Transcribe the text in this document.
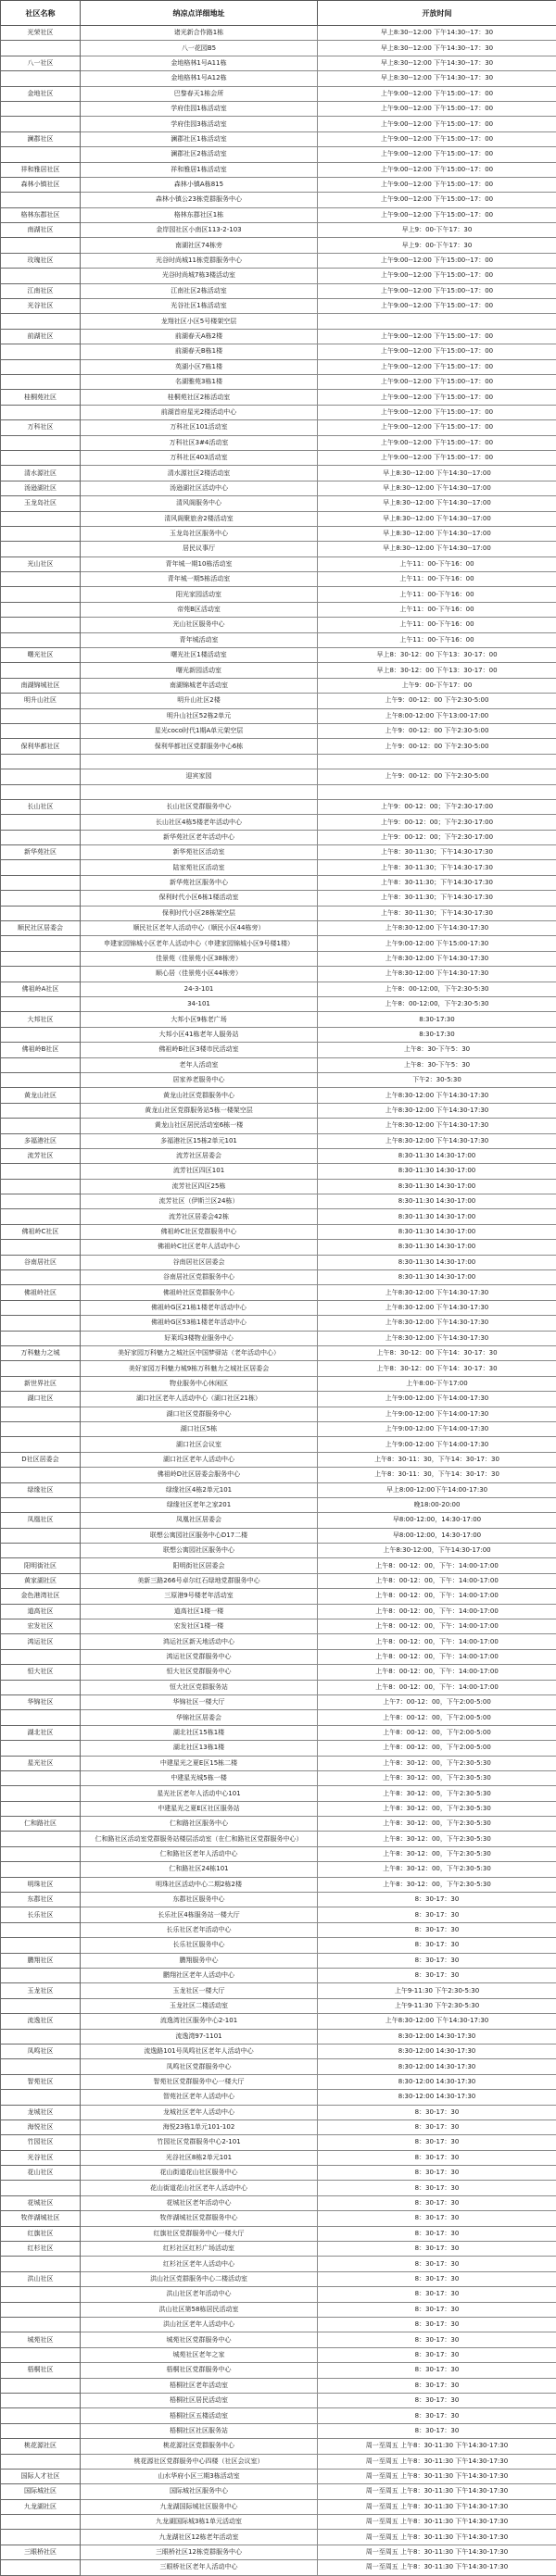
社区名称	纳凉点详细地址	开放时间
光荣社区	诸光新合作路1栋	早上8:30--12:00 下午14:30--17：30
	八一花园B5	早上8:30--12:00 下午14:30--17：30
八一社区	金地格林1号A11栋	早上8:30--12:00 下午14:30--17：30
	金地格林1号A12栋	早上8:30--12:00 下午14:30--17：30
金地社区	巴黎春天1栋会所	上午9:00--12:00 下午15:00--17：00
	学府佳园1栋活动室	上午9:00--12:00 下午15:00--17：00
	学府佳园3栋活动室	上午9:00--12:00 下午15:00--17：00
澜郡社区	澜郡社区1栋活动室	上午9:00--12:00 下午15:00--17：00
	澜郡社区2栋活动室	上午9:00--12:00 下午15:00--17：00
祥和雅居社区	祥和雅居1栋活动室	上午9:00--12:00 下午15:00--17：00
森林小镇社区	森林小镇A栋815	上午9:00--12:00 下午15:00--17：00
	森林小镇公23栋党群服务中心	上午9:00--12:00 下午15:00--17：00
格林东郡社区	格林东郡社区1栋	上午9:00--12:00 下午15:00--17：00
南湖社区	金岸园社区小南区113-2-103	早上9：00-下午17：30
	南湖社区74栋旁	早上9：00-下午17：30
玫瑰社区	光谷时尚城11栋党群服务中心	上午9:00--12:00 下午15:00--17：00
	光谷时尚城7栋3楼活动室	上午9:00--12:00 下午15:00--17：00
江南社区	江南社区2栋活动室	上午9:00--12:00 下午15:00--17：00
光谷社区	光谷社区1栋活动室	上午9:00--12:00 下午15:00--17：00
	龙翔社区小区5号楼架空层	
前湖社区	前湖春天A栋2楼	上午9:00--12:00 下午15:00--17：00
	前湖春天B栋1楼	上午9:00--12:00 下午15:00--17：00
	英湖小区7栋1楼	上午9:00--12:00 下午15:00--17：00
	名湖雅苑3栋1楼	上午9:00--12:00 下午15:00--17：00
桂桐苑社区	桂桐苑社区2栋活动室	上午9:00--12:00 下午15:00--17：00
	前湖首府星光2楼活动中心	上午9:00--12:00 下午15:00--17：00
万科社区	万科社区101活动室	上午9:00--12:00 下午15:00--17：00
	万科社区3#4活动室	上午9:00--12:00 下午15:00--17：00
	万科社区403活动室	上午9:00--12:00 下午15:00--17：00
清水源社区	清水源社区2楼活动室	早上8:30--12:00 下午14:30--17:00
汤逊湖社区	汤逊湖社区活动中心	早上8:30--12:00 下午14:30--17:00
玉龙岛社区	清风阁服务中心	早上8:30--12:00 下午14:30--17:00
	清风阁聚旅舍2楼活动室	早上8:30--12:00 下午14:30--17:00
	玉龙岛社区服务中心	早上8:30--12:00 下午14:30--17:00
	居民议事厅	早上8:30--12:00 下午14:30--17:00
光山社区	青年城一期10栋活动室	上午11：00-下午16：00
	青年城一期5栋活动室	上午11：00-下午16：00
	阳光家园活动室	上午11：00-下午16：00
	帝苑B区活动室	上午11：00-下午16：00
	光山社区服务中心	上午11：00-下午16：00
	青年城活动室	上午11：00-下午16：00
曙光社区	曙光社区1楼活动室	早上8：30-12：00 下午13：30-17：00
	曙光新园活动室	早上8：30-12：00 下午13：30-17：00
南湖锦城社区	南湖锦城老年活动室	上午9：00-下午17：00
明升山社区	明升山社区2楼	上午9：00-12：00 下午2:30-5:00
	明升山社区52栋2单元	上午8:00-12:00 下午13:00-17:00
	星光coco时代1期A单元架空层	上午9：00-12：00 下午2:30-5:00
保利华都社区	保利华都社区党群服务中心6栋	上午9：00-12：00 下午2:30-5:00

	迎宾家园	上午9：00-12：00 下午2:30-5:00

长山社区	长山社区党群服务中心	上午9：00-12：00；下午2:30-17:00
	长山社区4栋5楼老年活动中心	上午9：00-12：00；下午2:30-17:00
	新华苑社区老年活动中心	上午9：00-12：00；下午2:30-17:00
新华苑社区	新华苑社区活动室	上午8：30-11:30；下午14:30-17:30
	陆家苑社区活动室	上午8：30-11:30；下午14:30-17:30
	新华苑社区服务中心	上午8：30-11:30；下午14:30-17:30
	保利时代小区6栋1楼活动室	上午8：30-11:30；下午14:30-17:30
	保利时代小区28栋架空层	上午8：30-11:30；下午14:30-17:30
顺民社区居委会	顺民社区老年人活动中心（顺民小区44栋旁）	上午8:30-12:00 下午14:30-17:30
	申建家园锦城小区老年人活动中心（申建家园锦城小区9号楼1楼）	上午9:00-12:00 下午15:00-17:30
	佳景苑（佳景苑小区38栋旁）	上午8:30-12:00 下午14:30-17:30
	顺心居（佳景苑小区44栋旁）	上午8:30-12:00 下午14:30-17:30
佛祖岭A社区	24-3-101	上午8：00-12:00，下午2:30-5:30
	34-101	上午8：00-12:00，下午2:30-5:30
大邦社区	大邦小区9栋老广场	8:30-17:30
	大邦小区41栋老年人服务站	8:30-17:30
佛祖岭B社区	佛祖岭B社区3楼市民活动室	上午8：30-下午5：30
	老年人活动室	上午8：30-下午5：30
	居家养老服务中心	下午2：30-5:30
黄龙山社区	黄龙山社区党群服务中心	上午8:30-12:00 下午14:30-17:30
	黄龙山社区党群服务站5栋一楼架空层	上午8:30-12:00 下午14:30-17:30
	黄龙山社区居民活动室6栋一楼	上午8:30-12:00 下午14:30-17:30
多福港社区	多福港社区15栋2单元101	上午8:30-12:00 下午14:30-17:30
流芳社区	流芳社区居委会	8:30-11:30 14:30-17:00
	流芳社区四区101	8:30-11:30 14:30-17:00
	流芳社区四区25栋	8:30-11:30 14:30-17:00
	流芳社区（伊斯兰区24栋）	8:30-11:30 14:30-17:00
	流芳社区居委会42栋	8:30-11:30 14:30-17:00
佛祖岭C社区	佛祖岭C社区党群服务中心	8:30-11:30 14:30-17:00
	佛祖岭C社区老年人活动中心	8:30-11:30 14:30-17:00
谷南居社区	谷南居社区居委会	8:30-11:30 14:30-17:00
	谷南居社区党群服务中心	8:30-11:30 14:30-17:00
佛祖岭社区	佛祖岭社区党群服务中心	上午8:30-12:00 下午14:30-17:30
	佛祖岭G区21栋1楼老年活动中心	上午8:30-12:00 下午14:30-17:30
	佛祖岭G区53栋1楼老年活动中心	上午8:30-12:00 下午14:30-17:30
	好莱坞3楼物业服务中心	上午8:30-12:00 下午14:30-17:30
万科魅力之城	美好家园万科魅力之城社区中国梦驿站（老年活动中心）	上午8：30-12：00 下午14：30-17：30
	美好家园万科魅力城9栋万科魅力之城社区居委会	上午8：30-12：00 下午14：30-17：30
新世界社区	物业服务中心休闲区	上午8:00-下午17:00
湖口社区	湖口社区老年人活动中心（湖口社区21栋）	上午9:00-12:00 下午14:00-17:30
	湖口社区党群服务中心	上午9:00-12:00 下午14:00-17:30
	湖口社区5栋	上午9:00-12:00 下午14:00-17:30
	湖口社区会议室	上午9:00-12:00 下午14:00-17:30
D社区居委会	湖口社区老年人活动中心	上午8：30-11：30，下午14：30-17：30
	佛祖岭D社区居委会服务中心	上午8：30-11：30，下午14：30-17：30
绿缘社区	绿缘社区4栋2单元101	早上8:00-12:00下午14:00-17:30
	绿缘社区老年之家201	晚18:00-20:00
凤凰社区	凤凰社区居委会	早8:00-12:00，14:30-17:00
	联想公寓园社区服务中心D17二楼	早8:00-12:00，14:30-17:00
	联想公寓园社区服务中心	上午8:30-12:00，下午14:30-17:00
阳明街社区	阳明街社区居委会	上午8：00-12：00，下午：14:00-17:00
黄家湖社区	美新三路266号卓尔红石绿地党群服务中心	上午8：00-12：00，下午：14:00-17:00
金色港湾社区	三原港9号楼老年活动室	上午8：00-12：00，下午：14:00-17:00
道高社区	道高社区1楼一楼	上午8：00-12：00，下午：14:00-17:00
宏发社区	宏发社区1楼一楼	上午8：00-12：00，下午：14:00-17:00
鸿运社区	鸿运社区新天地活动中心	上午8：00-12：00，下午：14:00-17:00
	鸿运社区党群服务中心	上午8：00-12：00，下午：14:00-17:00
恒大社区	恒大社区党群服务中心	上午8：00-12：00，下午：14:00-17:00
	恒大社区党群服务站	上午8：00-12：00，下午：14:00-17:00
华锦社区	华锦社区一楼大厅	上午7：00-12：00，下午2:00-5:00
	华锦社区居委会	上午8：00-12：00，下午2:00-5:00
湖北社区	湖北社区15栋1楼	上午8：00-12：00，下午2:00-5:00
	湖北社区13栋1楼	上午8：00-12：00，下午2:00-5:00
星光社区	中建星光之夏E区15栋二楼	上午8：30-12：00，下午2:30-5:30
	中建星光城5栋一楼	上午8：30-12：00，下午2:30-5:30
	星光社区老年人活动中心101	上午8：30-12：00，下午2:30-5:30
	中建星光之夏E区社区服务站	上午8：30-12：00，下午2:30-5:30
仁和路社区	仁和路社区服务中心	上午8：30-12：00，下午2:30-5:30
	仁和路社区活动室党群服务站楼层活动室（在仁和路社区党群服务中心）	上午8：30-12：00，下午2:30-5:30
	仁和路社区老年人活动中心	上午8：30-12：00，下午2:30-5:30
	仁和路社区24栋101	上午8：30-12：00，下午2:30-5:30
明珠社区	明珠社区活动中心二期2栋2楼	上午8：30-12：00，下午2:30-5:30
东郡社区	东郡社区服务中心	8：30-17：30
长乐社区	长乐社区4栋服务站一楼大厅	8：30-17：30
	长乐社区老年活动中心	8：30-17：30
	长乐社区服务中心	8：30-17：30
鹏翔社区	鹏翔服务中心	8：30-17：30
	鹏翔社区老年人活动中心	8：30-17：30
玉龙社区	玉龙社区一楼大厅	上午9-11:30 下午2:30-5:30
	玉龙社区二楼活动室	上午9-11:30 下午2:30-5:30
流逸社区	流逸湾社区服务中心2-101	上午8:30-12:00 下午14:30-17:30
	流逸湾97-1101	8:30-12:00 14:30-17:30
凤鸣社区	流逸路101号凤鸣社区老年人活动中心	8:30-12:00 14:30-17:30
	凤鸣社区党群服务中心	8:30-12:00 14:30-17:30
智苑社区	智苑社区党群服务中心一楼大厅	8:30-12:00 14:30-17:30
	智苑社区老年人活动中心	8:30-12:00 14:30-17:30
龙城社区	龙城社区老年人活动中心	8：30-17：30
海悦社区	海悦23栋1单元101-102	8：30-17：30
竹园社区	竹园社区党群服务中心2-101	8：30-17：30
光谷社区	光谷社区8栋2单元101	8：30-17：30
花山社区	花山街道花山社区服务中心	8：30-17：30
	花山街道花山社区老年人活动中心	8：30-17：30
花城社区	花城社区老年活动中心	8：30-17：30
牧伴湖城社区	牧伴湖城社区党群服务中心	8：30-17：30
红旗社区	红旗社区党群服务中心一楼大厅	8：30-17：30
红杉社区	红杉社区红杉广场活动室	8：30-17：30
	红杉社区老年人活动中心	8：30-17：30
洪山社区	洪山社区党群服务中心二楼活动室	8：30-17：30
	洪山社区老年活动中心	8：30-17：30
	洪山社区第58栋居民活动室	8：30-17：30
	洪山社区老年人活动中心	8：30-17：30
城苑社区	城苑社区党群服务中心	8：30-17：30
	城苑社区老年之家	8：30-17：30
梧桐社区	梧桐社区党群服务中心	8：30-17：30
	梧桐社区老年活动室	8：30-17：30
	梧桐社区居民活动室	8：30-17：30
	梧桐社区五楼活动室	8：30-17：30
	梧桐社区社区服务站	8：30-17：30
桃花源社区	桃花源社区党群服务中心	周一至周五 上午8：30-11:30 下午14:30-17:30
	桃花源社区党群服务中心四楼（社区会议室）	周一至周五 上午8：30-11:30 下午14:30-17:30
国际人才社区	山水华府小区三期3栋活动室	周一至周五 上午8：30-11:30 下午14:30-17:30
国际城社区	国际城社区服务中心	周一至周五 上午8：30-11:30 下午14:30-17:30
九龙湖社区	九龙湖国际城社区服务中心	周一至周五 上午8：30-11:30 下午14:30-17:30
	九龙湖国际城3栋1单元活动室	周一至周五 上午8：30-11:30 下午14:30-17:30
	九龙湖社区12栋老年活动室	周一至周五 上午8：30-11:30 下午14:30-17:30
三眼桥社区	三眼桥社区12栋党群服务中心	周一至周五 上午8：30-11:30 下午14:30-17:30
	三眼桥社区老年人活动中心	周一至周五 上午8：30-11:30 下午14:30-17:30
